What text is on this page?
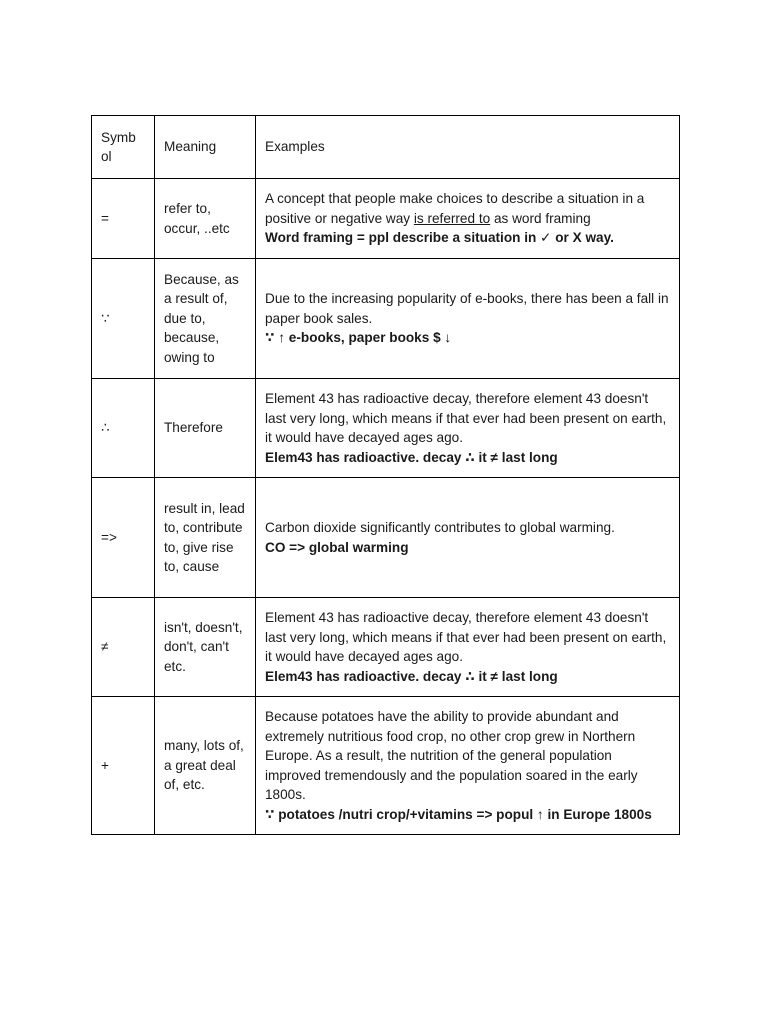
Symb ol	Meaning	Examples
=	refer to, occur, ..etc	A concept that people make choices to describe a situation in a positive or negative way is referred to as word framing
Word framing = ppl describe a situation in ✓ or X way.

∵	Because, as a result of, due to, because, owing to	Due to the increasing popularity of e-books, there has been a fall in paper book sales.
∵ ↑ e-books, paper books $ ↓

∴	Therefore	Element 43 has radioactive decay, therefore element 43 doesn't last very long, which means if that ever had been present on earth, it would have decayed ages ago.
Elem43 has radioactive. decay ∴ it ≠ last long

=>	result in, lead to, contribute to, give rise to, cause	Carbon dioxide significantly contributes to global warming.
CO => global warming

≠	isn't, doesn't, don't, can't etc.	Element 43 has radioactive decay, therefore element 43 doesn't last very long, which means if that ever had been present on earth, it would have decayed ages ago.
Elem43 has radioactive. decay ∴ it ≠ last long

+	many, lots of, a great deal of, etc.	Because potatoes have the ability to provide abundant and extremely nutritious food crop, no other crop grew in Northern Europe. As a result, the nutrition of the general population improved tremendously and the population soared in the early 1800s.
∵ potatoes /nutri crop/+vitamins => popul ↑ in Europe 1800s
